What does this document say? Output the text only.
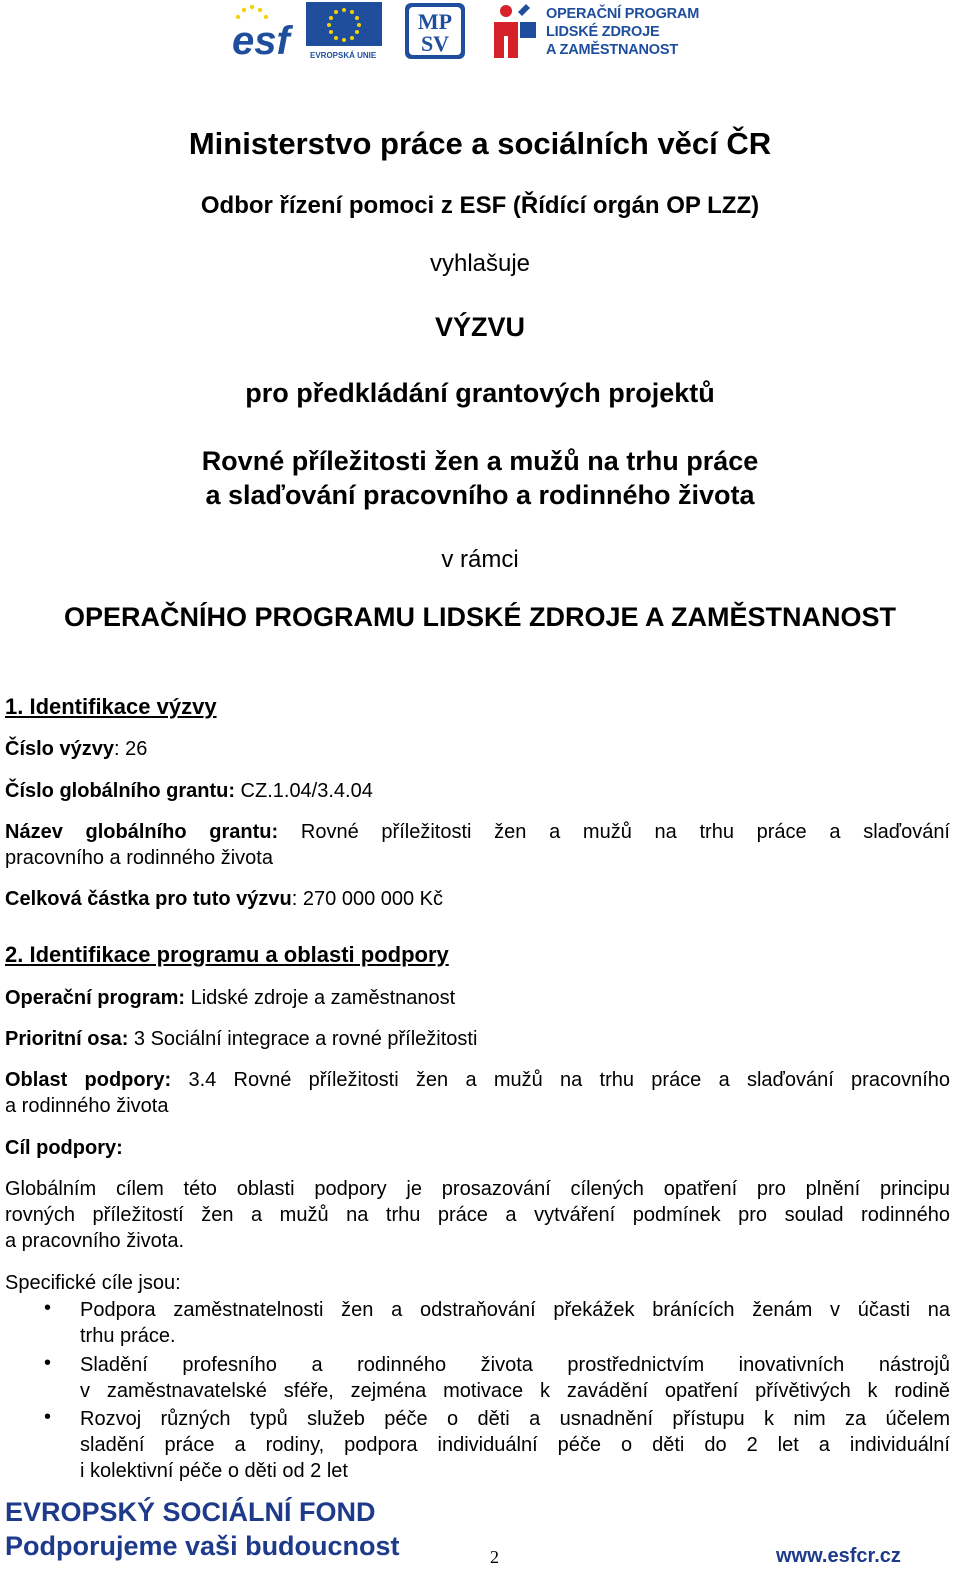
esf	EVROPSKÁ UNIE
MP
SV
OPERAČNÍ PROGRAM
LIDSKÉ ZDROJE
A ZAMĚSTNANOST
Ministerstvo práce a sociálních věcí ČR
Odbor řízení pomoci z ESF (Řídící orgán OP LZZ)
vyhlašuje
VÝZVU
pro předkládání grantových projektů
Rovné příležitosti žen a mužů na trhu práce
a slaďování pracovního a rodinného života
v rámci
OPERAČNÍHO PROGRAMU LIDSKÉ ZDROJE A ZAMĚSTNANOST
1. Identifikace výzvy
Číslo výzvy: 26
Číslo globálního grantu: CZ.1.04/3.4.04
Název globálního grantu: Rovné příležitosti žen a mužů na trhu práce a slaďování
pracovního a rodinného života
Celková částka pro tuto výzvu: 270 000 000 Kč
2. Identifikace programu a oblasti podpory
Operační program: Lidské zdroje a zaměstnanost
Prioritní osa: 3 Sociální integrace a rovné příležitosti
Oblast podpory: 3.4 Rovné příležitosti žen a mužů na trhu práce a slaďování pracovního
a rodinného života
Cíl podpory:
Globálním cílem této oblasti podpory je prosazování cílených opatření pro plnění principu
rovných příležitostí žen a mužů na trhu práce a vytváření podmínek pro soulad rodinného
a pracovního života.
Specifické cíle jsou:
• Podpora zaměstnatelnosti žen a odstraňování překážek bránících ženám v účasti na
trhu práce.
• Sladění profesního a rodinného života prostřednictvím inovativních nástrojů
v zaměstnavatelské sféře, zejména motivace k zavádění opatření přívětivých k rodině
• Rozvoj různých typů služeb péče o děti a usnadnění přístupu k nim za účelem
sladění práce a rodiny, podpora individuální péče o děti do 2 let a individuální
i kolektivní péče o děti od 2 let
EVROPSKÝ SOCIÁLNÍ FOND
Podporujeme vaši budoucnost	2	www.esfcr.cz
